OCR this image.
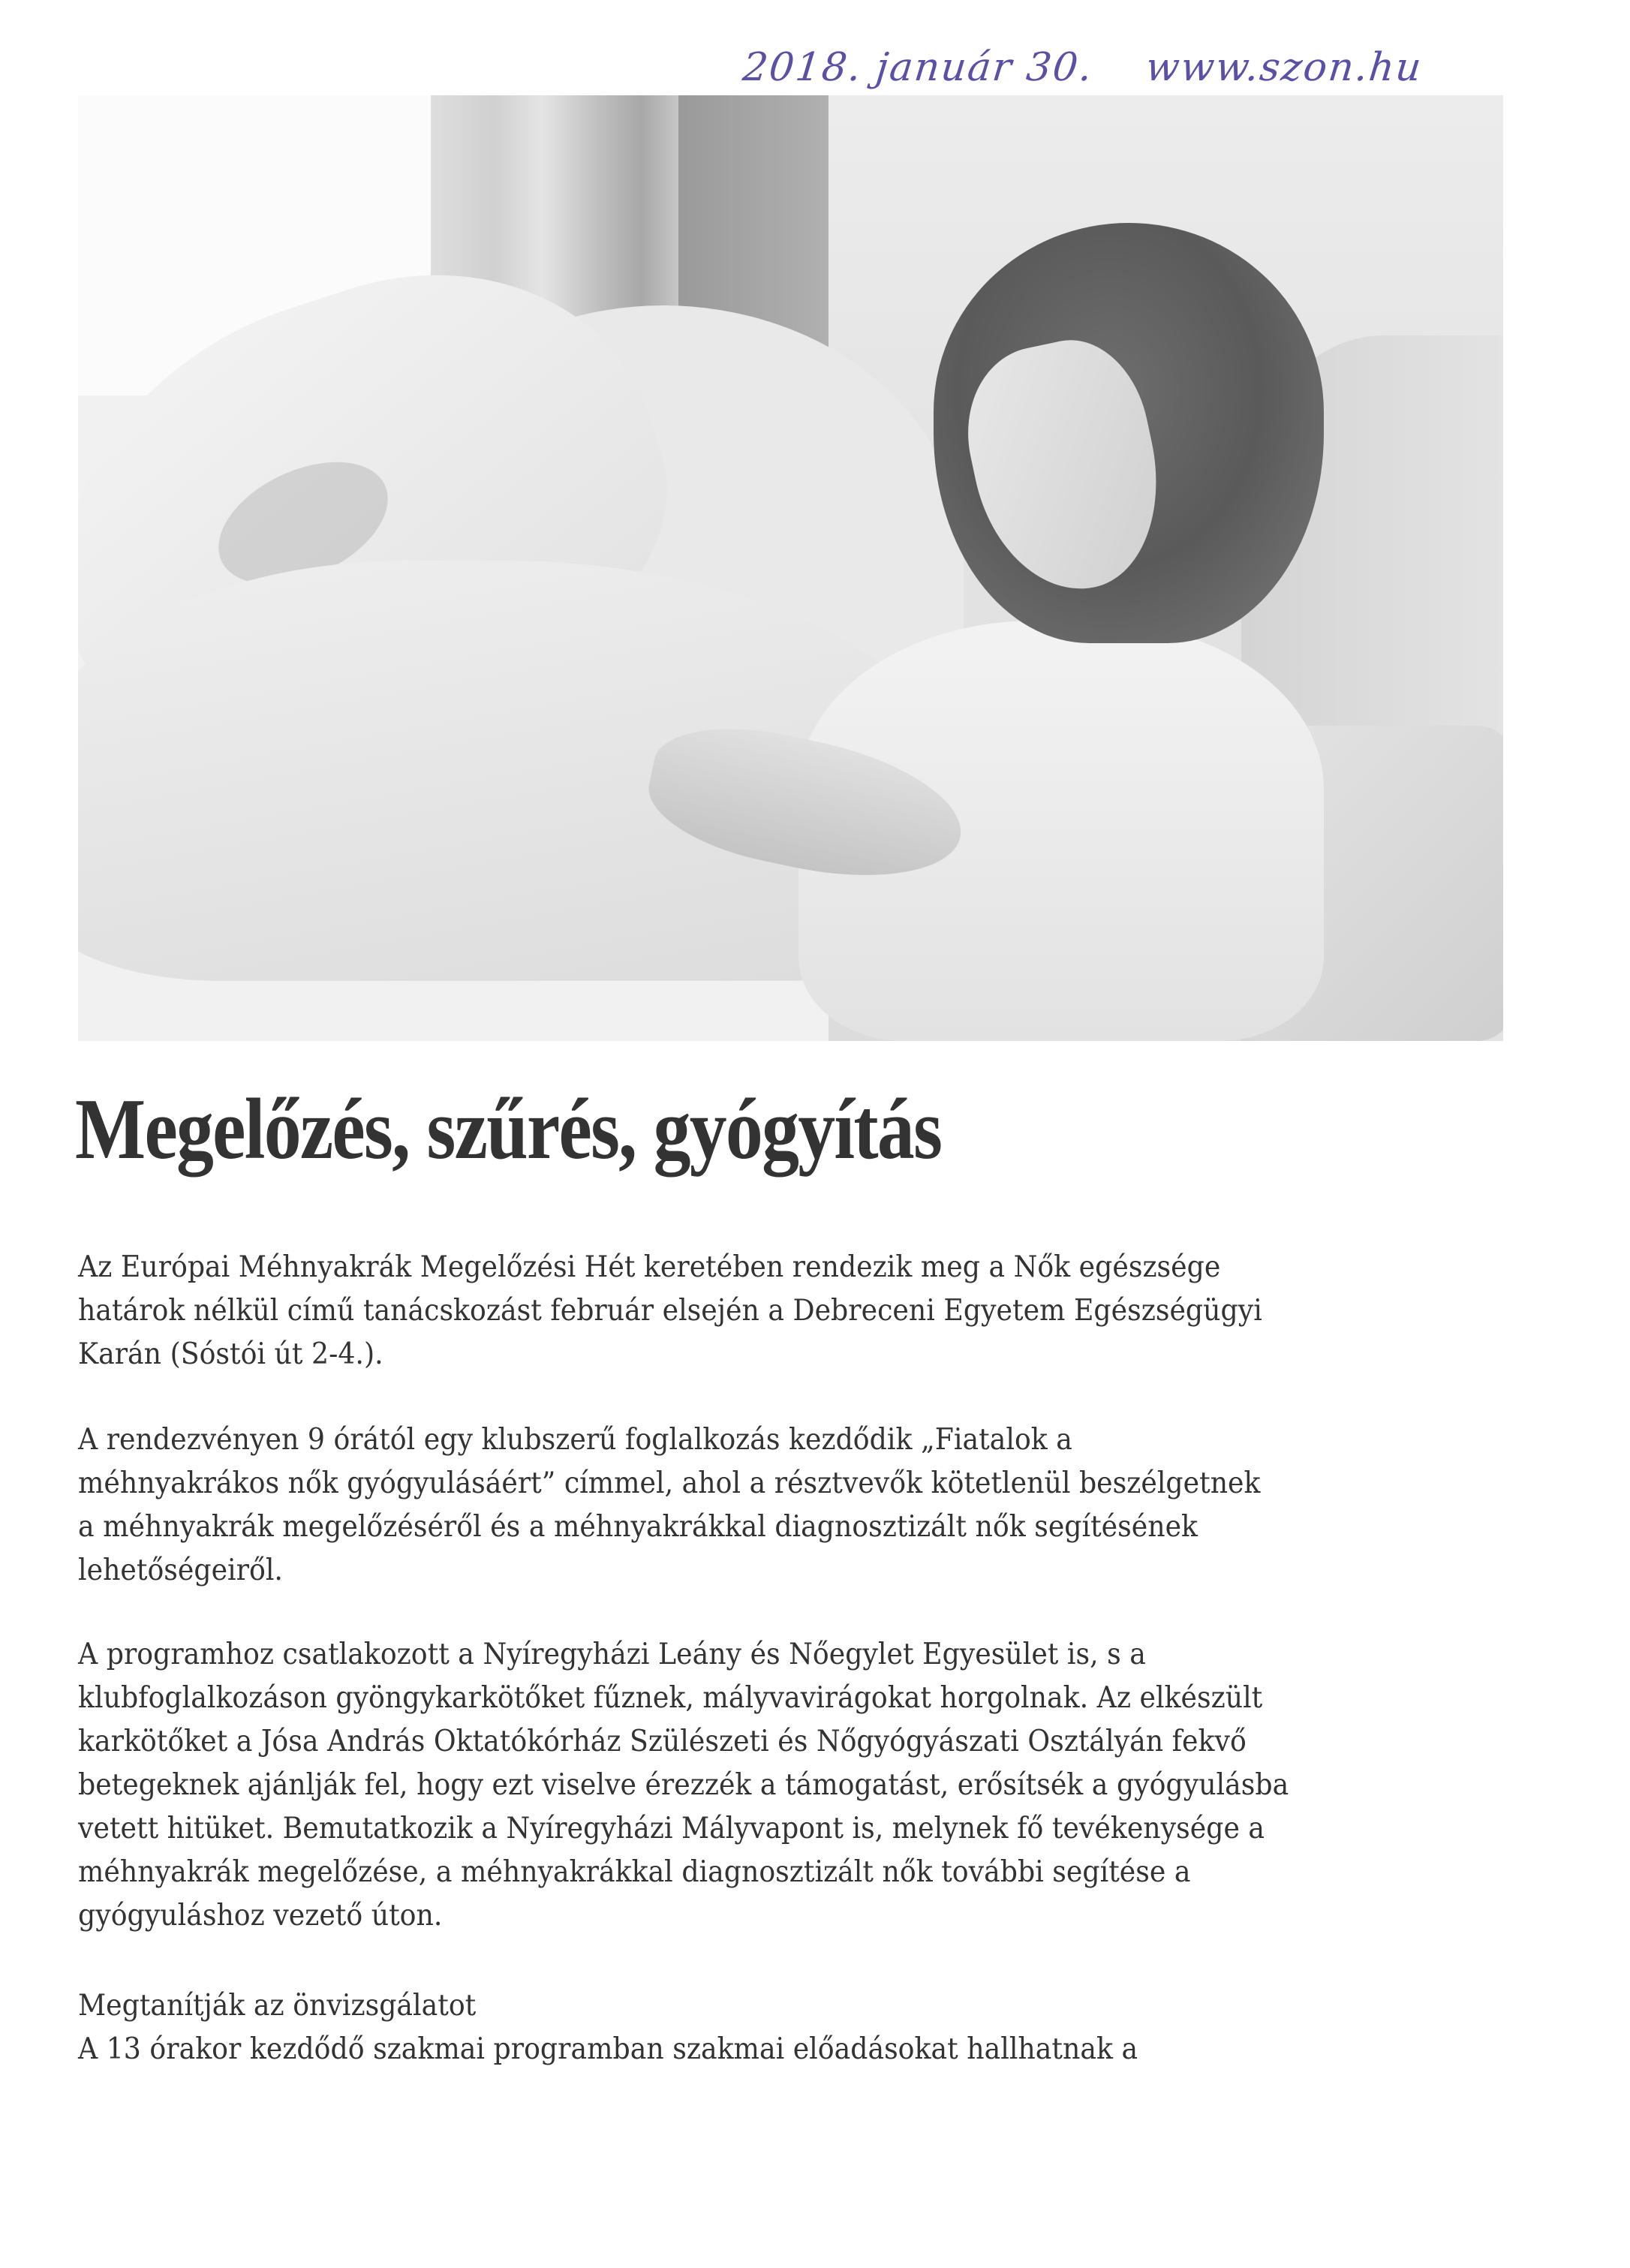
2018. január 30. www.szon.hu
Megelőzés, szűrés, gyógyítás

Az Európai Méhnyakrák Megelőzési Hét keretében rendezik meg a Nők egészsége
határok nélkül című tanácskozást február elsején a Debreceni Egyetem Egészségügyi
Karán (Sóstói út 2-4.).

A rendezvényen 9 órától egy klubszerű foglalkozás kezdődik „Fiatalok a
méhnyakrákos nők gyógyulásáért” címmel, ahol a résztvevők kötetlenül beszélgetnek
a méhnyakrák megelőzéséről és a méhnyakrákkal diagnosztizált nők segítésének
lehetőségeiről.

A programhoz csatlakozott a Nyíregyházi Leány és Nőegylet Egyesület is, s a
klubfoglalkozáson gyöngykarkötőket fűznek, mályvavirágokat horgolnak. Az elkészült
karkötőket a Jósa András Oktatókórház Szülészeti és Nőgyógyászati Osztályán fekvő
betegeknek ajánlják fel, hogy ezt viselve érezzék a támogatást, erősítsék a gyógyulásba
vetett hitüket. Bemutatkozik a Nyíregyházi Mályvapont is, melynek fő tevékenysége a
méhnyakrák megelőzése, a méhnyakrákkal diagnosztizált nők további segítése a
gyógyuláshoz vezető úton.

Megtanítják az önvizsgálatot
A 13 órakor kezdődő szakmai programban szakmai előadásokat hallhatnak a
